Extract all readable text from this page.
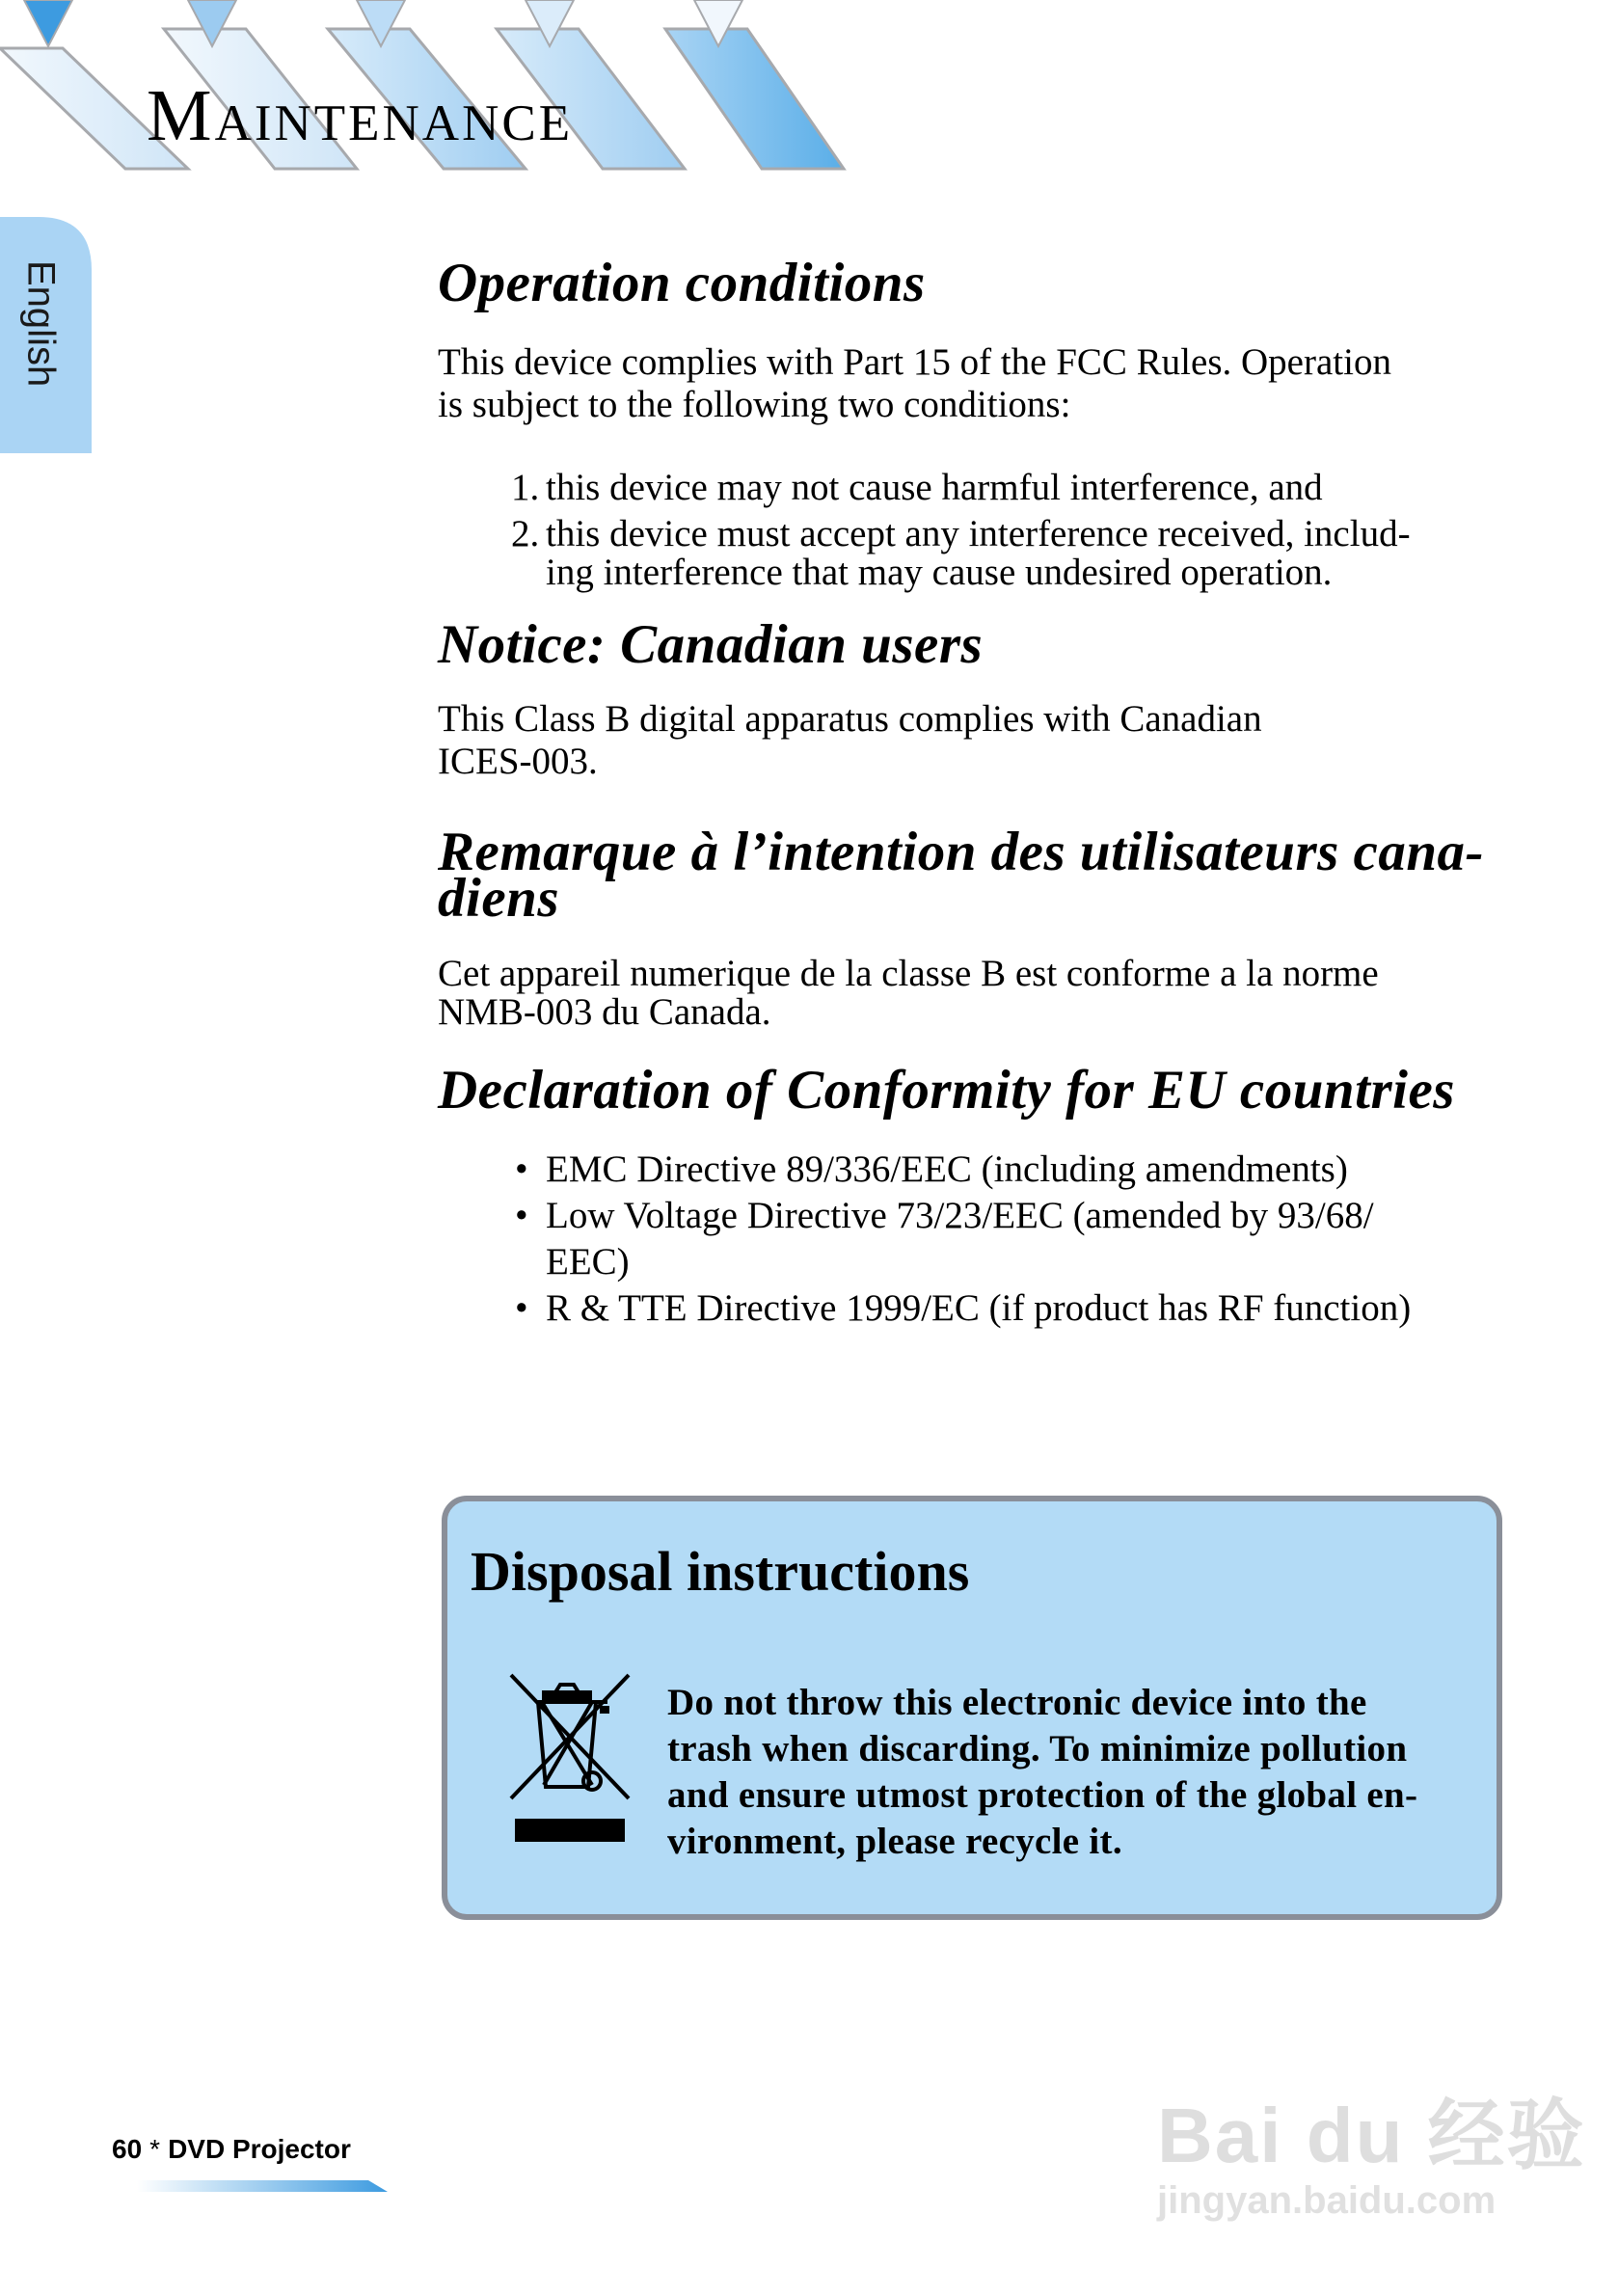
Maintenance
English	Operation conditions

This device complies with Part 15 of the FCC Rules. Operation
is subject to the following two conditions:

1. this device may not cause harmful interference, and
2. this device must accept any interference received, includ-
ing interference that may cause undesired operation.
Notice: Canadian users

This Class B digital apparatus complies with Canadian
ICES-003.

Remarque à l’intention des utilisateurs cana-
diens

Cet appareil numerique de la classe B est conforme a la norme
NMB-003 du Canada.

Declaration of Conformity for EU countries
• EMC Directive 89/336/EEC (including amendments)
• Low Voltage Directive 73/23/EEC (amended by 93/68/
EEC)
• R & TTE Directive 1999/EC (if product has RF function)
Disposal instructions

Do not throw this electronic device into the
trash when discarding. To minimize pollution
and ensure utmost protection of the global en-
vironment, please recycle it.

60 * DVD Projector	Bai du 经验
jingyan.baidu.com
